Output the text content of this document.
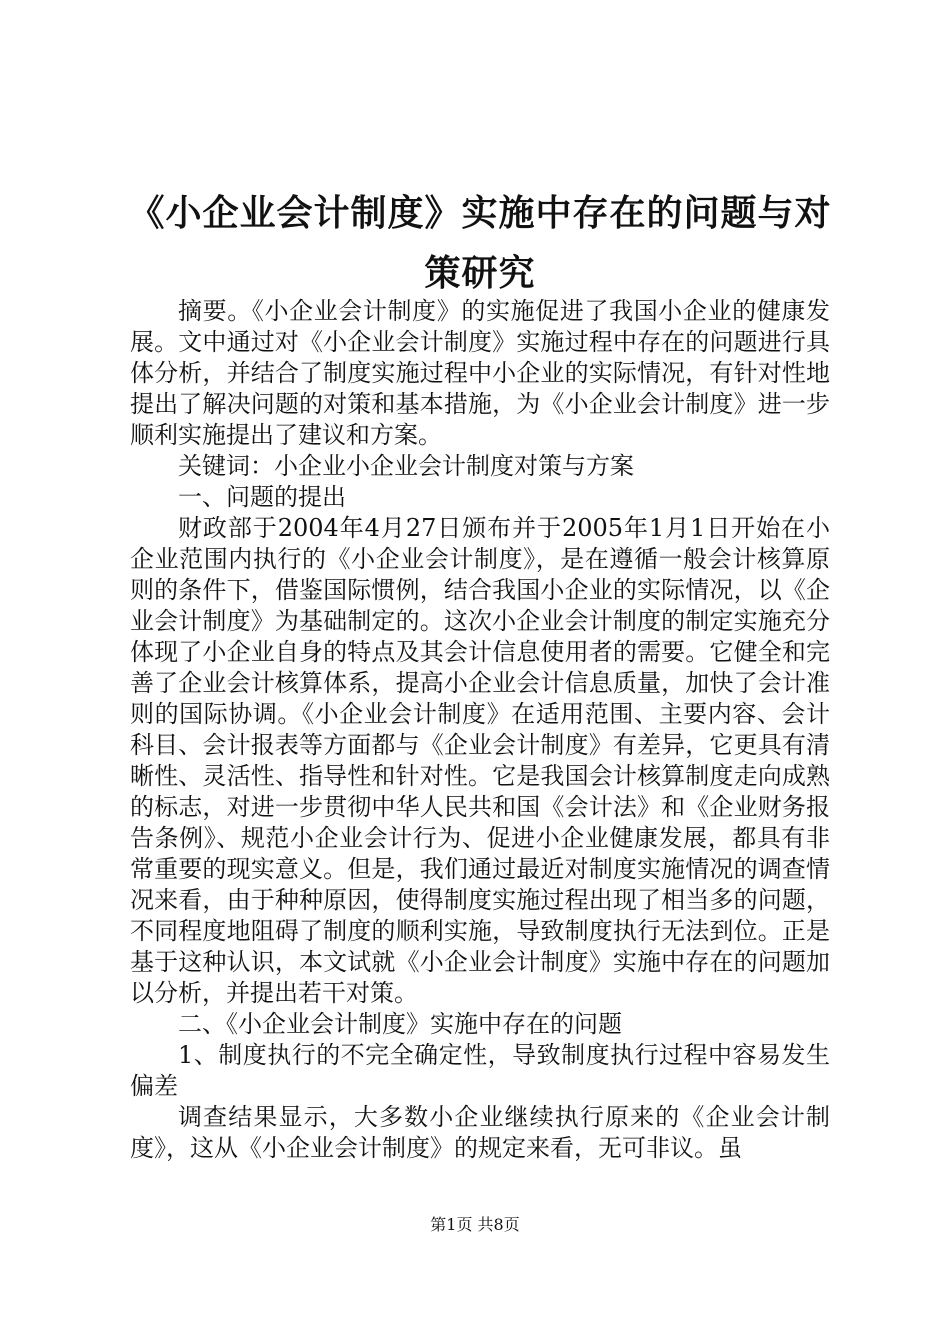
《小企业会计制度》实施中存在的问题与对策研究

摘要。《小企业会计制度》的实施促进了我国小企业的健康发展。文中通过对《小企业会计制度》实施过程中存在的问题进行具体分析，并结合了制度实施过程中小企业的实际情况，有针对性地提出了解决问题的对策和基本措施，为《小企业会计制度》进一步顺利实施提出了建议和方案。

关键词：小企业小企业会计制度对策与方案

一、问题的提出

财政部于2004年4月27日颁布并于2005年1月1日开始在小企业范围内执行的《小企业会计制度》，是在遵循一般会计核算原则的条件下，借鉴国际惯例，结合我国小企业的实际情况，以《企业会计制度》为基础制定的。这次小企业会计制度的制定实施充分体现了小企业自身的特点及其会计信息使用者的需要。它健全和完善了企业会计核算体系，提高小企业会计信息质量，加快了会计准则的国际协调。《小企业会计制度》在适用范围、主要内容、会计科目、会计报表等方面都与《企业会计制度》有差异，它更具有清晰性、灵活性、指导性和针对性。它是我国会计核算制度走向成熟的标志，对进一步贯彻中华人民共和国《会计法》和《企业财务报告条例》、规范小企业会计行为、促进小企业健康发展，都具有非常重要的现实意义。但是，我们通过最近对制度实施情况的调查情况来看，由于种种原因，使得制度实施过程出现了相当多的问题，不同程度地阻碍了制度的顺利实施，导致制度执行无法到位。正是基于这种认识，本文试就《小企业会计制度》实施中存在的问题加以分析，并提出若干对策。

二、《小企业会计制度》实施中存在的问题

1、制度执行的不完全确定性，导致制度执行过程中容易发生偏差

调查结果显示，大多数小企业继续执行原来的《企业会计制度》，这从《小企业会计制度》的规定来看，无可非议。虽

第1页 共8页
